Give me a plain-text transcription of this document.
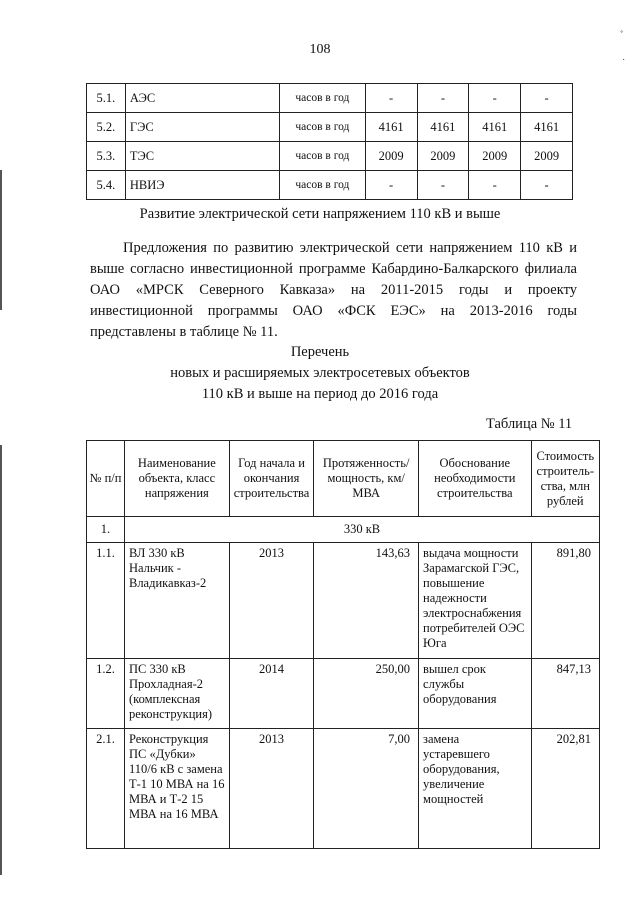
˚
˙
108
5.1.	АЭС	часов в год	-	-	-	-
5.2.	ГЭС	часов в год	4161	4161	4161	4161
5.3.	ТЭС	часов в год	2009	2009	2009	2009
5.4.	НВИЭ	часов в год	-	-	-	-
Развитие электрической сети напряжением 110 кВ и выше
Предложения по развитию электрической сети напряжением 110 кВ и выше согласно инвестиционной программе Кабардино-Балкарского филиала ОАО «МРСК Северного Кавказа» на 2011-2015 годы и проекту инвестиционной программы ОАО «ФСК ЕЭС» на 2013-2016 годы представлены в таблице № 11.
Перечень
новых и расширяемых электросетевых объектов
110 кВ и выше на период до 2016 года
Таблица № 11
№ п/п	Наименование объекта, класс напряжения	Год начала и окончания строительства	Протяженность/ мощность, км/МВА	Обоснование необходимости строительства	Стоимость строитель-ства, млн рублей
1.	330 кВ				
1.1.	ВЛ 330 кВ Нальчик - Владикавказ-2	2013	143,63	выдача мощности Зарамагской ГЭС, повышение надежности электроснабжения потребителей ОЭС Юга	891,80
1.2.	ПС 330 кВ Прохладная-2 (комплексная реконструкция)	2014	250,00	вышел срок службы оборудования	847,13
2.1.	Реконструкция ПС «Дубки» 110/6 кВ с замена Т-1 10 МВА на 16 МВА и Т-2 15 МВА на 16 МВА	2013	7,00	замена устаревшего оборудования, увеличение мощностей	202,81
